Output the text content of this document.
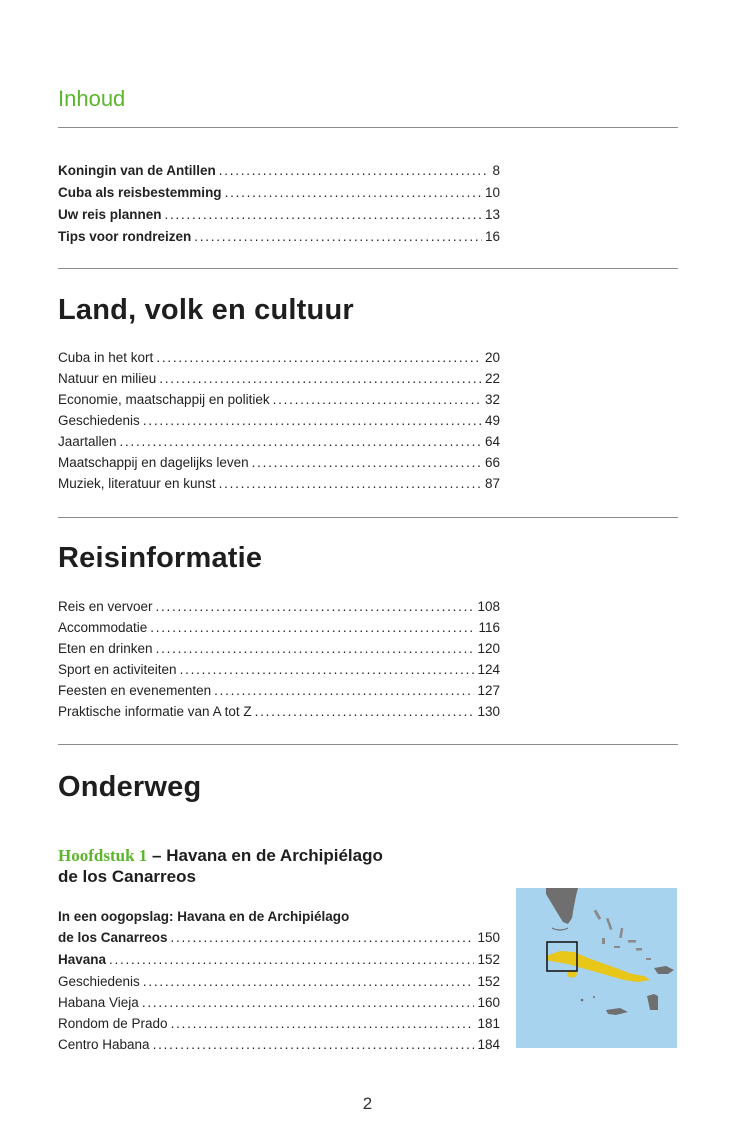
Inhoud
Koningin van de Antillen . . .	8
Cuba als reisbestemming . . .	10
Uw reis plannen . . .	13
Tips voor rondreizen . . .	16
Land, volk en cultuur
Cuba in het kort . . .	20
Natuur en milieu . . .	22
Economie, maatschappij en politiek . . .	32
Geschiedenis . . .	49
Jaartallen . . .	64
Maatschappij en dagelijks leven . . .	66
Muziek, literatuur en kunst . . .	87
Reisinformatie
Reis en vervoer . . .	108
Accommodatie . . .	116
Eten en drinken . . .	120
Sport en activiteiten . . .	124
Feesten en evenementen . . .	127
Praktische informatie van A tot Z . . .	130
Onderweg
Hoofdstuk 1 – Havana en de Archipiélago
de los Canarreos
In een oogopslag: Havana en de Archipiélago
de los Canarreos . . .	150
Havana . . .	152
Geschiedenis . . .	152
Habana Vieja . . .	160
Rondom de Prado . . .	181
Centro Habana . . .	184
2
